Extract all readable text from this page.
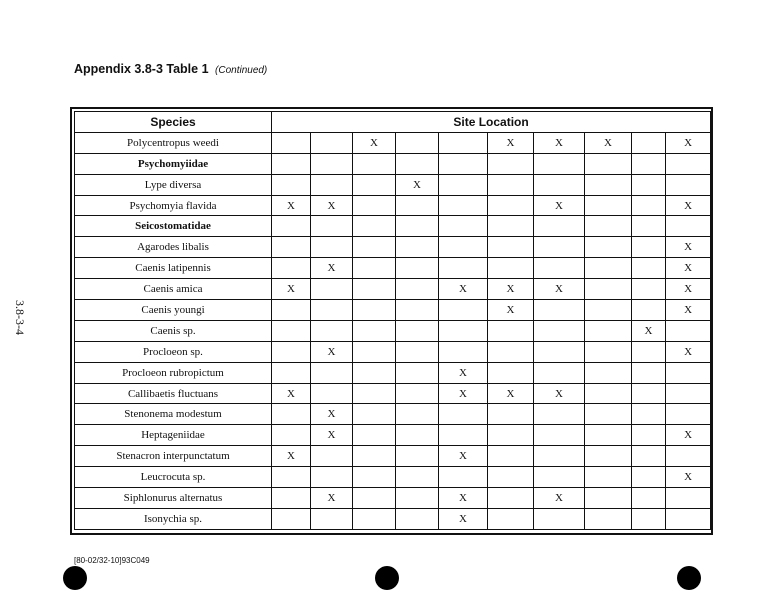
Appendix 3.8-3 Table 1 (Continued)
3.8-3-4
Species	Site Location									
Polycentropus weedi			X			X	X	X		X
Psychomyiidae										
Lype diversa				X						
Psychomyia flavida	X	X					X			X
Seicostomatidae										
Agarodes libalis										X
Caenis latipennis		X								X
Caenis amica	X				X	X	X			X
Caenis youngi						X				X
Caenis sp.									X	
Procloeon sp.		X								X
Procloeon rubropictum					X					
Callibaetis fluctuans	X				X	X	X			
Stenonema modestum		X								
Heptageniidae		X								X
Stenacron interpunctatum	X				X					
Leucrocuta sp.										X
Siphlonurus alternatus		X			X		X			
Isonychia sp.					X					
[80-02/32-10]93C049
